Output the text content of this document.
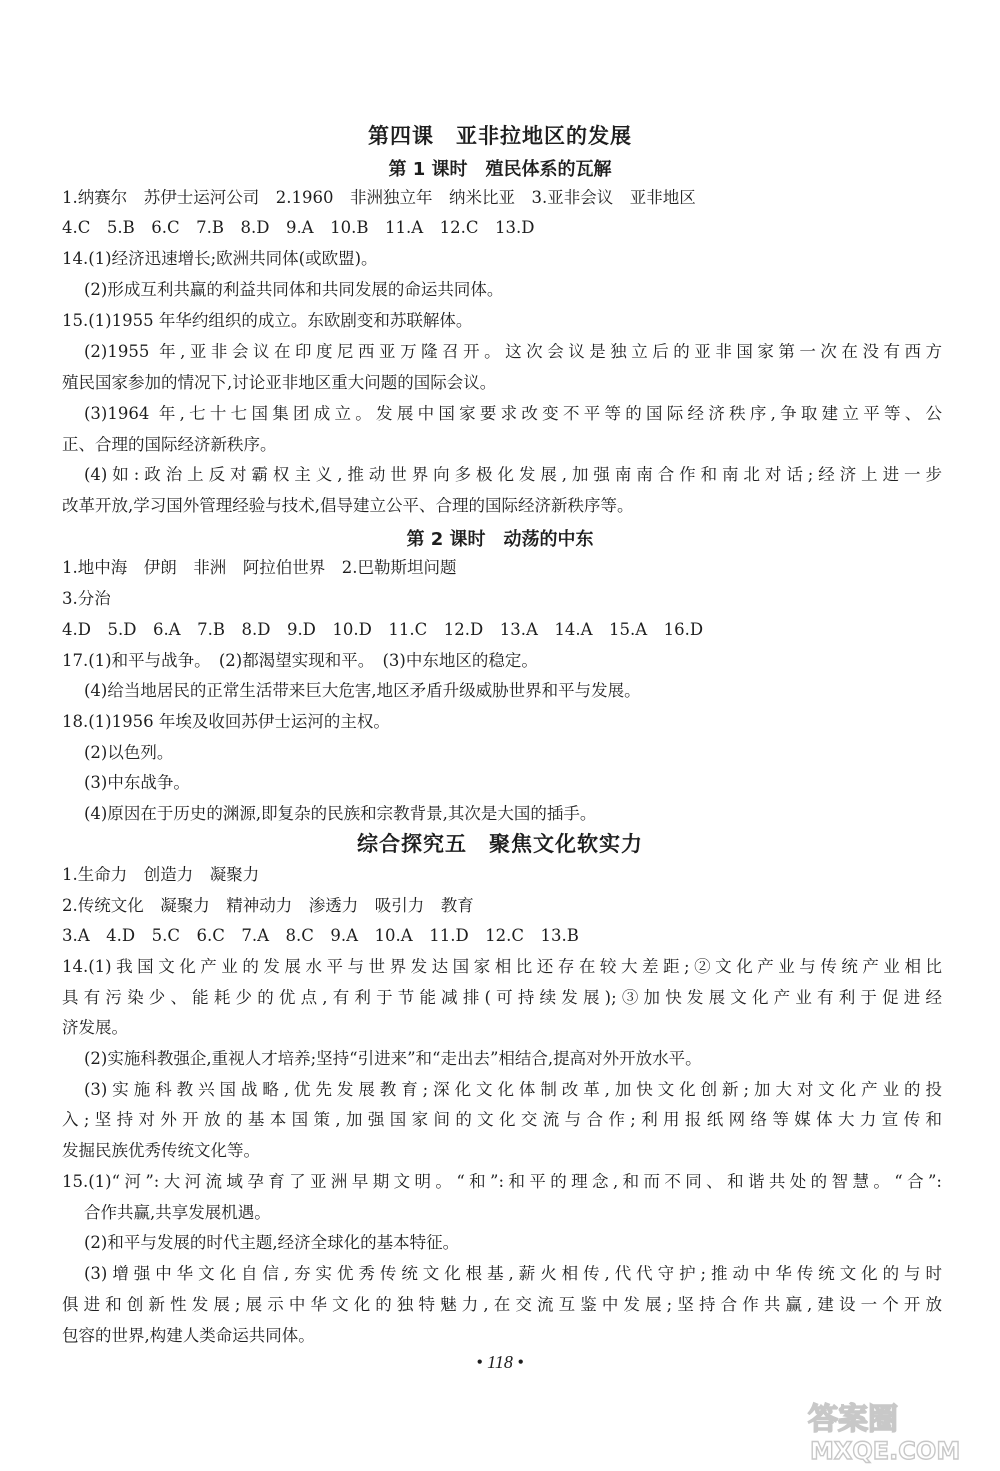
第四课　亚非拉地区的发展
第 1 课时　殖民体系的瓦解
1.纳赛尔　苏伊士运河公司　2.1960　非洲独立年　纳米比亚　3.亚非会议　亚非地区
4.C　5.B　6.C　7.B　8.D　9.A　10.B　11.A　12.C　13.D
14.(1)经济迅速增长;欧洲共同体(或欧盟)。
(2)形成互利共赢的利益共同体和共同发展的命运共同体。
15.(1)1955 年华约组织的成立。东欧剧变和苏联解体。
(2)1955 年,亚非会议在印度尼西亚万隆召开。这次会议是独立后的亚非国家第一次在没有西方
殖民国家参加的情况下,讨论亚非地区重大问题的国际会议。
(3)1964 年,七十七国集团成立。发展中国家要求改变不平等的国际经济秩序,争取建立平等、公
正、合理的国际经济新秩序。
(4)如:政治上反对霸权主义,推动世界向多极化发展,加强南南合作和南北对话;经济上进一步
改革开放,学习国外管理经验与技术,倡导建立公平、合理的国际经济新秩序等。
第 2 课时　动荡的中东
1.地中海　伊朗　非洲　阿拉伯世界　2.巴勒斯坦问题
3.分治
4.D　5.D　6.A　7.B　8.D　9.D　10.D　11.C　12.D　13.A　14.A　15.A　16.D
17.(1)和平与战争。　(2)都渴望实现和平。　(3)中东地区的稳定。
(4)给当地居民的正常生活带来巨大危害,地区矛盾升级威胁世界和平与发展。
18.(1)1956 年埃及收回苏伊士运河的主权。
(2)以色列。
(3)中东战争。
(4)原因在于历史的渊源,即复杂的民族和宗教背景,其次是大国的插手。
综合探究五　聚焦文化软实力
1.生命力　创造力　凝聚力
2.传统文化　凝聚力　精神动力　渗透力　吸引力　教育
3.A　4.D　5.C　6.C　7.A　8.C　9.A　10.A　11.D　12.C　13.B
14.(1)我国文化产业的发展水平与世界发达国家相比还存在较大差距;②文化产业与传统产业相比
具有污染少、能耗少的优点,有利于节能减排(可持续发展);③加快发展文化产业有利于促进经
济发展。
(2)实施科教强企,重视人才培养;坚持“引进来”和“走出去”相结合,提高对外开放水平。
(3)实施科教兴国战略,优先发展教育;深化文化体制改革,加快文化创新;加大对文化产业的投
入;坚持对外开放的基本国策,加强国家间的文化交流与合作;利用报纸网络等媒体大力宣传和
发掘民族优秀传统文化等。
15.(1)“河”:大河流域孕育了亚洲早期文明。“和”:和平的理念,和而不同、和谐共处的智慧。“合”:
合作共赢,共享发展机遇。
(2)和平与发展的时代主题,经济全球化的基本特征。
(3)增强中华文化自信,夯实优秀传统文化根基,薪火相传,代代守护;推动中华传统文化的与时
俱进和创新性发展;展示中华文化的独特魅力,在交流互鉴中发展;坚持合作共赢,建设一个开放
包容的世界,构建人类命运共同体。
• 118 •
答案圈
MXQE.COM
